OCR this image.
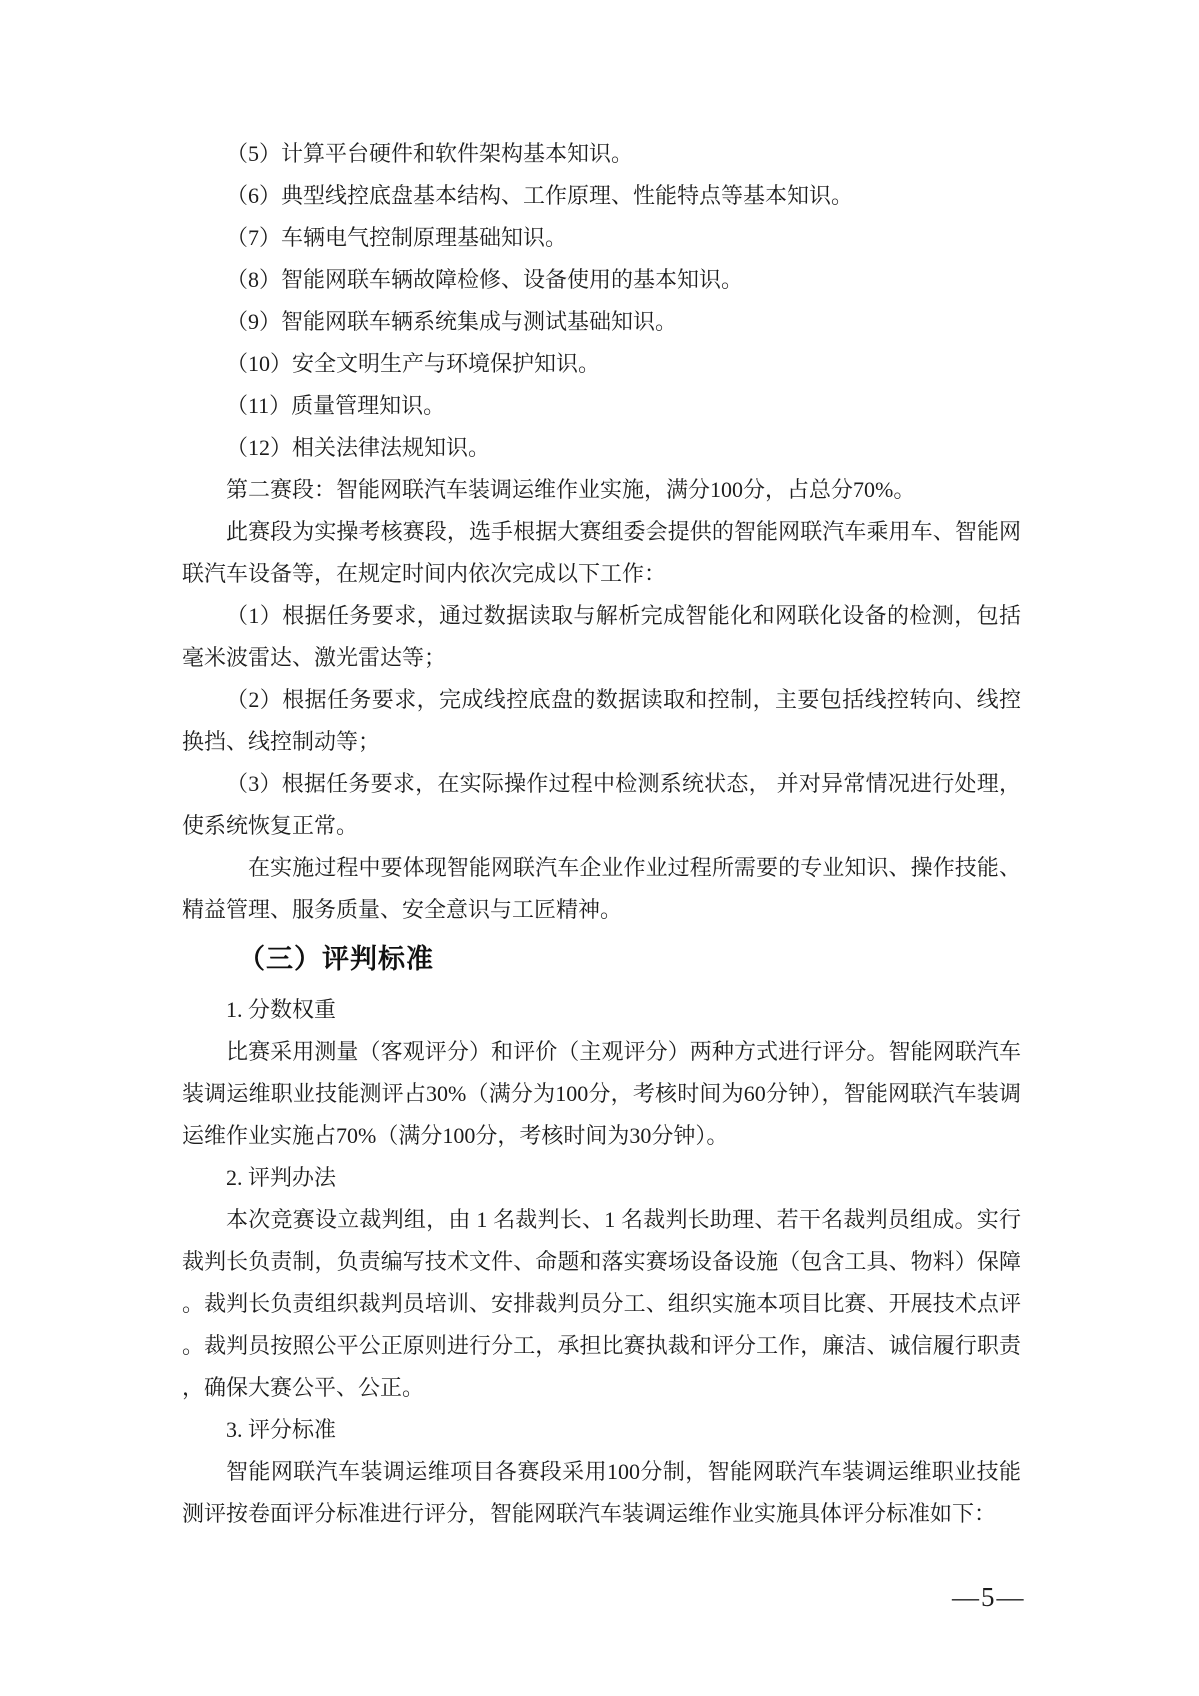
（5）计算平台硬件和软件架构基本知识。

（6）典型线控底盘基本结构、工作原理、性能特点等基本知识。

（7）车辆电气控制原理基础知识。

（8）智能网联车辆故障检修、设备使用的基本知识。

（9）智能网联车辆系统集成与测试基础知识。

（10）安全文明生产与环境保护知识。

（11）质量管理知识。

（12）相关法律法规知识。

第二赛段：智能网联汽车装调运维作业实施，满分100分，占总分70%。

此赛段为实操考核赛段，选手根据大赛组委会提供的智能网联汽车乘用车、智能网联汽车设备等，在规定时间内依次完成以下工作：

（1）根据任务要求，通过数据读取与解析完成智能化和网联化设备的检测，包括毫米波雷达、激光雷达等；

（2）根据任务要求，完成线控底盘的数据读取和控制，主要包括线控转向、线控换挡、线控制动等；

（3）根据任务要求，在实际操作过程中检测系统状态， 并对异常情况进行处理，使系统恢复正常。

在实施过程中要体现智能网联汽车企业作业过程所需要的专业知识、操作技能、精益管理、服务质量、安全意识与工匠精神。

（三）评判标准

1. 分数权重

比赛采用测量（客观评分）和评价（主观评分）两种方式进行评分。智能网联汽车装调运维职业技能测评占30%（满分为100分，考核时间为60分钟），智能网联汽车装调运维作业实施占70%（满分100分，考核时间为30分钟）。

2. 评判办法

本次竞赛设立裁判组，由 1 名裁判长、1 名裁判长助理、若干名裁判员组成。实行裁判长负责制，负责编写技术文件、命题和落实赛场设备设施（包含工具、物料）保障。裁判长负责组织裁判员培训、安排裁判员分工、组织实施本项目比赛、开展技术点评。裁判员按照公平公正原则进行分工，承担比赛执裁和评分工作，廉洁、诚信履行职责，确保大赛公平、公正。

3. 评分标准

智能网联汽车装调运维项目各赛段采用100分制，智能网联汽车装调运维职业技能测评按卷面评分标准进行评分，智能网联汽车装调运维作业实施具体评分标准如下：

—5—
